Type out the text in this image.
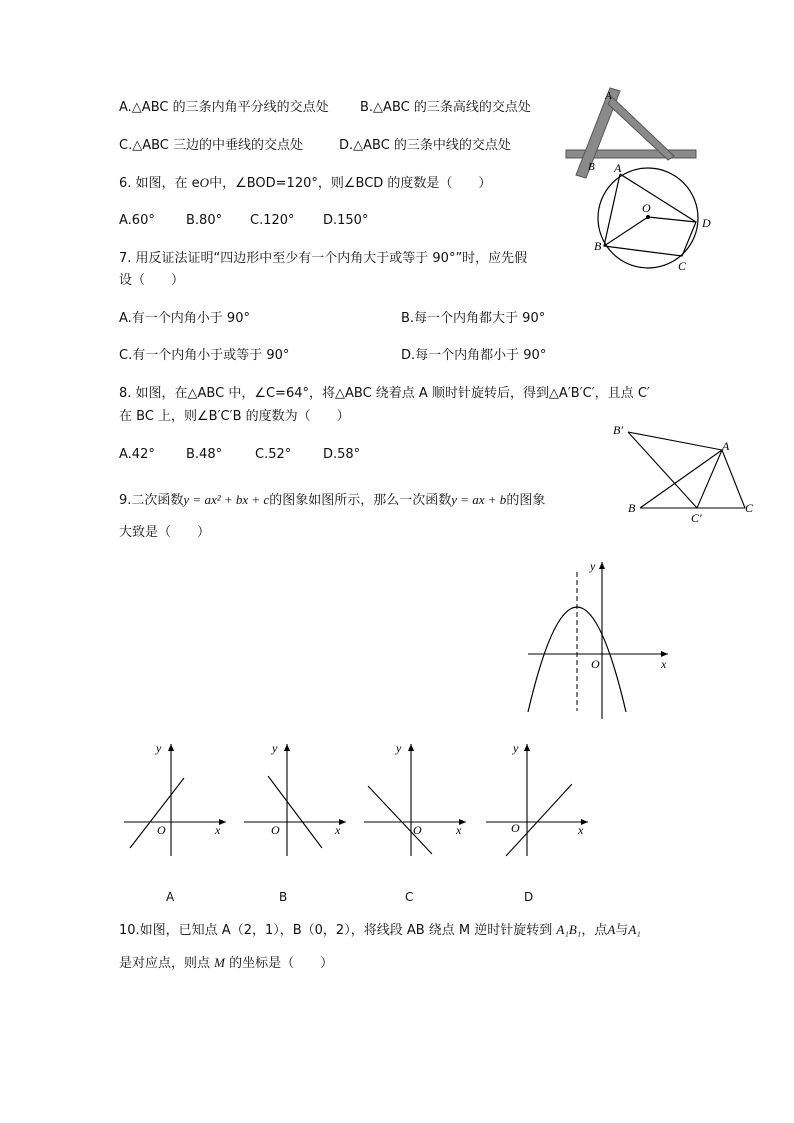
A.△ABC 的三条内角平分线的交点处 B.△ABC 的三条高线的交点处
C.△ABC 三边的中垂线的交点处	D.△ABC 的三条中线的交点处
A
B
6. 如图，在 eO中，∠BOD=120°，则∠BCD 的度数是（　　）
A.60° B.80° C.120° D.150°
A
O
D
B
C
7. 用反证法证明“四边形中至少有一个内角大于或等于 90°”时，应先假
设（　　）
A.有一个内角小于 90°	B.每一个内角都大于 90°
C.有一个内角小于或等于 90°	D.每一个内角都小于 90°
8. 如图，在△ABC 中，∠C=64°，将△ABC 绕着点 A 顺时针旋转后，得到△A′B′C′，且点 C′
在 BC 上，则∠B′C′B 的度数为（　　）
A.42° B.48°	C.52° D.58°
B′
A
B
C′
C
9.二次函数y = ax² + bx + c的图象如图所示，那么一次函数y = ax + b的图象
大致是（　　）
y
O	x
y
O	x
y
O	x
y
O	x
y
O	x
A	B	C	D
10.如图，已知点 A（2，1），B（0，2），将线段 AB 绕点 M 逆时针旋转到 A₁B₁，点A与A₁
是对应点，则点 M 的坐标是（　　）
